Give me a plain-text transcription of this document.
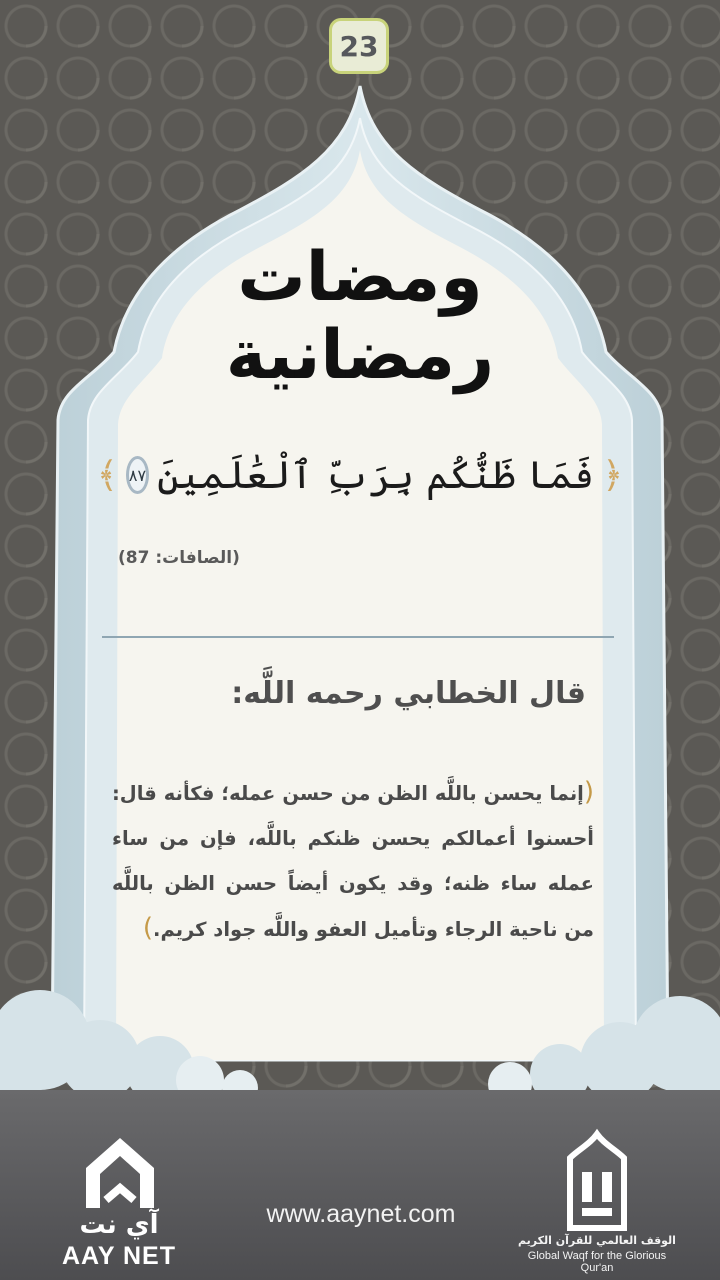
23
ومضات
رمضانية
﴿
فَمَا ظَنُّكُم بِرَبِّ ٱلْعَٰلَمِينَ
٨٧
﴾
(الصافات: 87)
قال الخطابي رحمه اللَّه:
(إنما يحسن باللَّه الظن من حسن عمله؛ فكأنه قال: أحسنوا أعمالكم يحسن ظنكم باللَّه، فإن من ساء عمله ساء ظنه؛ وقد يكون أيضاً حسن الظن باللَّه من ناحية الرجاء وتأميل العفو واللَّه جواد كريم.)
الوقف العالمي للقرآن الكريم
Global Waqf for the Glorious Qur'an
www.aaynet.com
آي نت
AAY NET
